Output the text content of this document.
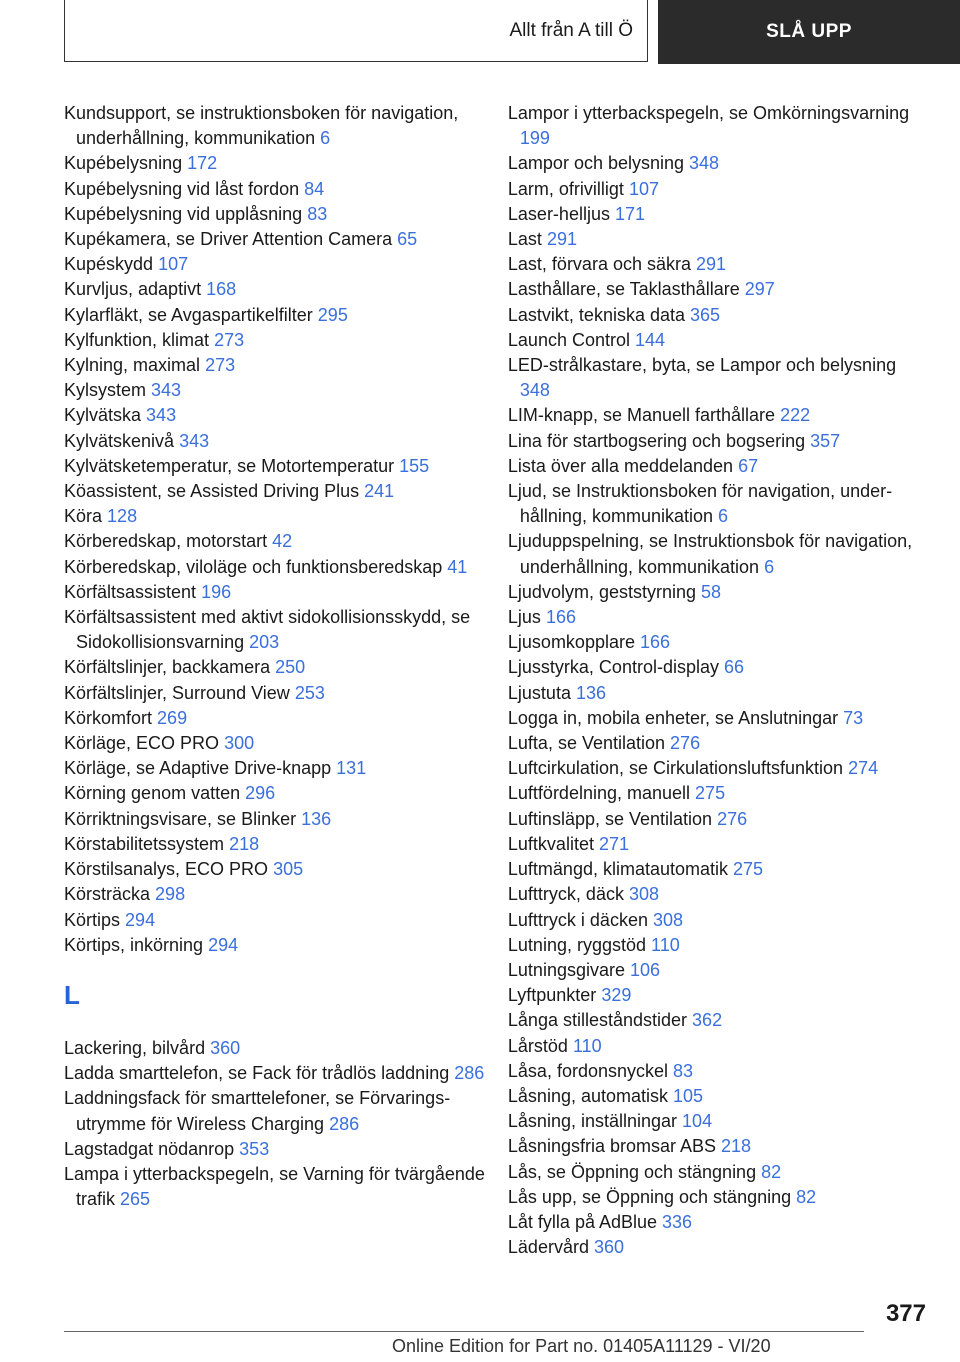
Allt från A till Ö	SLÅ UPP
Kundsupport, se instruktionsboken för navigation, underhållning, kommunikation 6
Kupébelysning 172
Kupébelysning vid låst fordon 84
Kupébelysning vid upplåsning 83
Kupékamera, se Driver Attention Camera 65
Kupéskydd 107
Kurvljus, adaptivt 168
Kylarfläkt, se Avgaspartikelfilter 295
Kylfunktion, klimat 273
Kylning, maximal 273
Kylsystem 343
Kylvätska 343
Kylvätskenivå 343
Kylvätsketemperatur, se Motortemperatur 155
Köassistent, se Assisted Driving Plus 241
Köra 128
Körberedskap, motorstart 42
Körberedskap, viloläge och funktionsberedskap 41
Körfältsassistent 196
Körfältsassistent med aktivt sidokollisionsskydd, se Sidokollisionsvarning 203
Körfältslinjer, backkamera 250
Körfältslinjer, Surround View 253
Körkomfort 269
Körläge, ECO PRO 300
Körläge, se Adaptive Drive-knapp 131
Körning genom vatten 296
Körriktningsvisare, se Blinker 136
Körstabilitetssystem 218
Körstilsanalys, ECO PRO 305
Körsträcka 298
Körtips 294
Körtips, inkörning 294
L
Lackering, bilvård 360
Ladda smarttelefon, se Fack för trådlös laddning 286
Laddningsfack för smarttelefoner, se Förvaringsutrymme för Wireless Charging 286
Lagstadgat nödanrop 353
Lampa i ytterbackspegeln, se Varning för tvärgående trafik 265
Lampor i ytterbackspegeln, se Omkörningsvarning 199
Lampor och belysning 348
Larm, ofrivilligt 107
Laser-helljus 171
Last 291
Last, förvara och säkra 291
Lasthållare, se Taklasthållare 297
Lastvikt, tekniska data 365
Launch Control 144
LED-strålkastare, byta, se Lampor och belysning 348
LIM-knapp, se Manuell farthållare 222
Lina för startbogsering och bogsering 357
Lista över alla meddelanden 67
Ljud, se Instruktionsboken för navigation, underhållning, kommunikation 6
Ljuduppspelning, se Instruktionsbok för navigation, underhållning, kommunikation 6
Ljudvolym, geststyrning 58
Ljus 166
Ljusomkopplare 166
Ljusstyrka, Control-display 66
Ljustuta 136
Logga in, mobila enheter, se Anslutningar 73
Lufta, se Ventilation 276
Luftcirkulation, se Cirkulationsluftsfunktion 274
Luftfördelning, manuell 275
Luftinsläpp, se Ventilation 276
Luftkvalitet 271
Luftmängd, klimatautomatik 275
Lufttryck, däck 308
Lufttryck i däcken 308
Lutning, ryggstöd 110
Lutningsgivare 106
Lyftpunkter 329
Långa stilleståndstider 362
Lårstöd 110
Låsa, fordonsnyckel 83
Låsning, automatisk 105
Låsning, inställningar 104
Låsningsfria bromsar ABS 218
Lås, se Öppning och stängning 82
Lås upp, se Öppning och stängning 82
Låt fylla på AdBlue 336
Lädervård 360
377
Online Edition for Part no. 01405A11129 - VI/20
